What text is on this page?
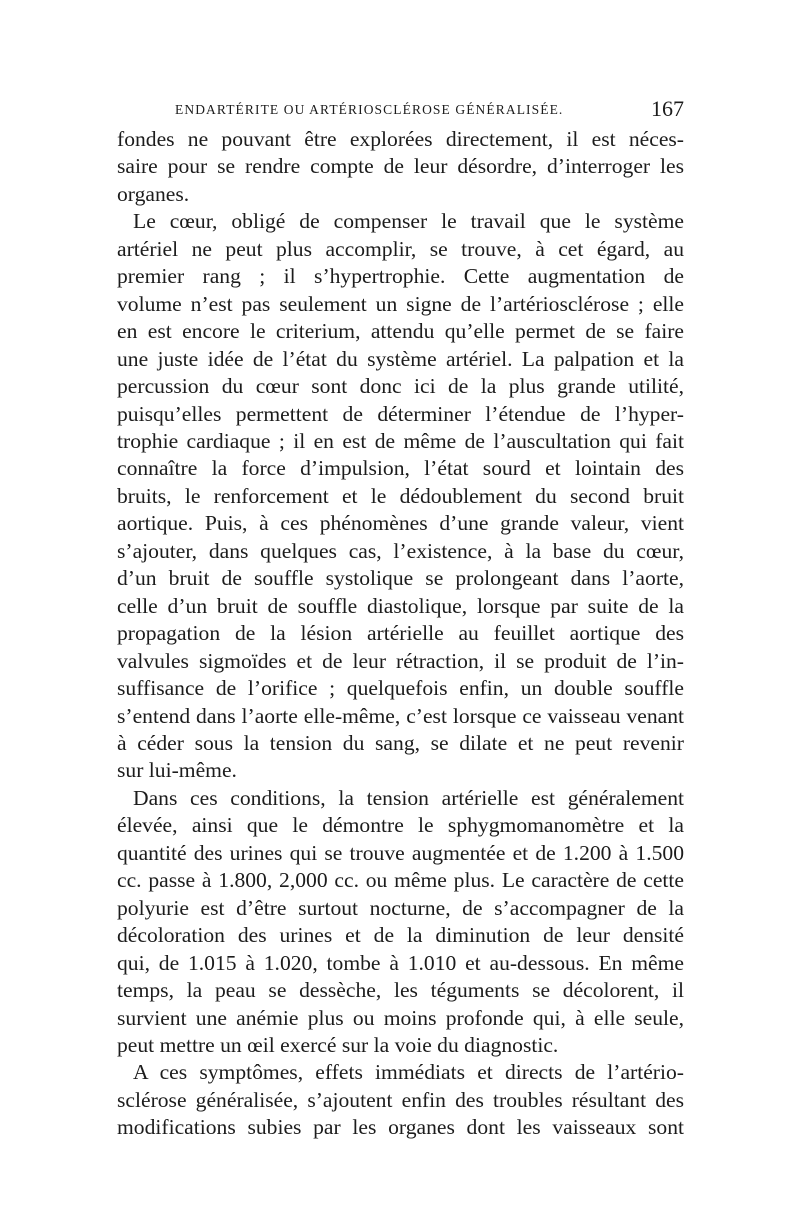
ENDARTÉRITE OU ARTÉRIOSCLÉROSE GÉNÉRALISÉE.	167
fondes ne pouvant être explorées directement, il est néces-
saire pour se rendre compte de leur désordre, d’interroger les
organes.
Le cœur, obligé de compenser le travail que le système
artériel ne peut plus accomplir, se trouve, à cet égard, au
premier rang ; il s’hypertrophie. Cette augmentation de
volume n’est pas seulement un signe de l’artériosclérose ; elle
en est encore le criterium, attendu qu’elle permet de se faire
une juste idée de l’état du système artériel. La palpation et la
percussion du cœur sont donc ici de la plus grande utilité,
puisqu’elles permettent de déterminer l’étendue de l’hyper-
trophie cardiaque ; il en est de même de l’auscultation qui fait
connaître la force d’impulsion, l’état sourd et lointain des
bruits, le renforcement et le dédoublement du second bruit
aortique. Puis, à ces phénomènes d’une grande valeur, vient
s’ajouter, dans quelques cas, l’existence, à la base du cœur,
d’un bruit de souffle systolique se prolongeant dans l’aorte,
celle d’un bruit de souffle diastolique, lorsque par suite de la
propagation de la lésion artérielle au feuillet aortique des
valvules sigmoïdes et de leur rétraction, il se produit de l’in-
suffisance de l’orifice ; quelquefois enfin, un double souffle
s’entend dans l’aorte elle-même, c’est lorsque ce vaisseau venant
à céder sous la tension du sang, se dilate et ne peut revenir
sur lui-même.
Dans ces conditions, la tension artérielle est généralement
élevée, ainsi que le démontre le sphygmomanomètre et la
quantité des urines qui se trouve augmentée et de 1.200 à 1.500
cc. passe à 1.800, 2,000 cc. ou même plus. Le caractère de cette
polyurie est d’être surtout nocturne, de s’accompagner de la
décoloration des urines et de la diminution de leur densité
qui, de 1.015 à 1.020, tombe à 1.010 et au-dessous. En même
temps, la peau se dessèche, les téguments se décolorent, il
survient une anémie plus ou moins profonde qui, à elle seule,
peut mettre un œil exercé sur la voie du diagnostic.
A ces symptômes, effets immédiats et directs de l’artério-
sclérose généralisée, s’ajoutent enfin des troubles résultant des
modifications subies par les organes dont les vaisseaux sont
